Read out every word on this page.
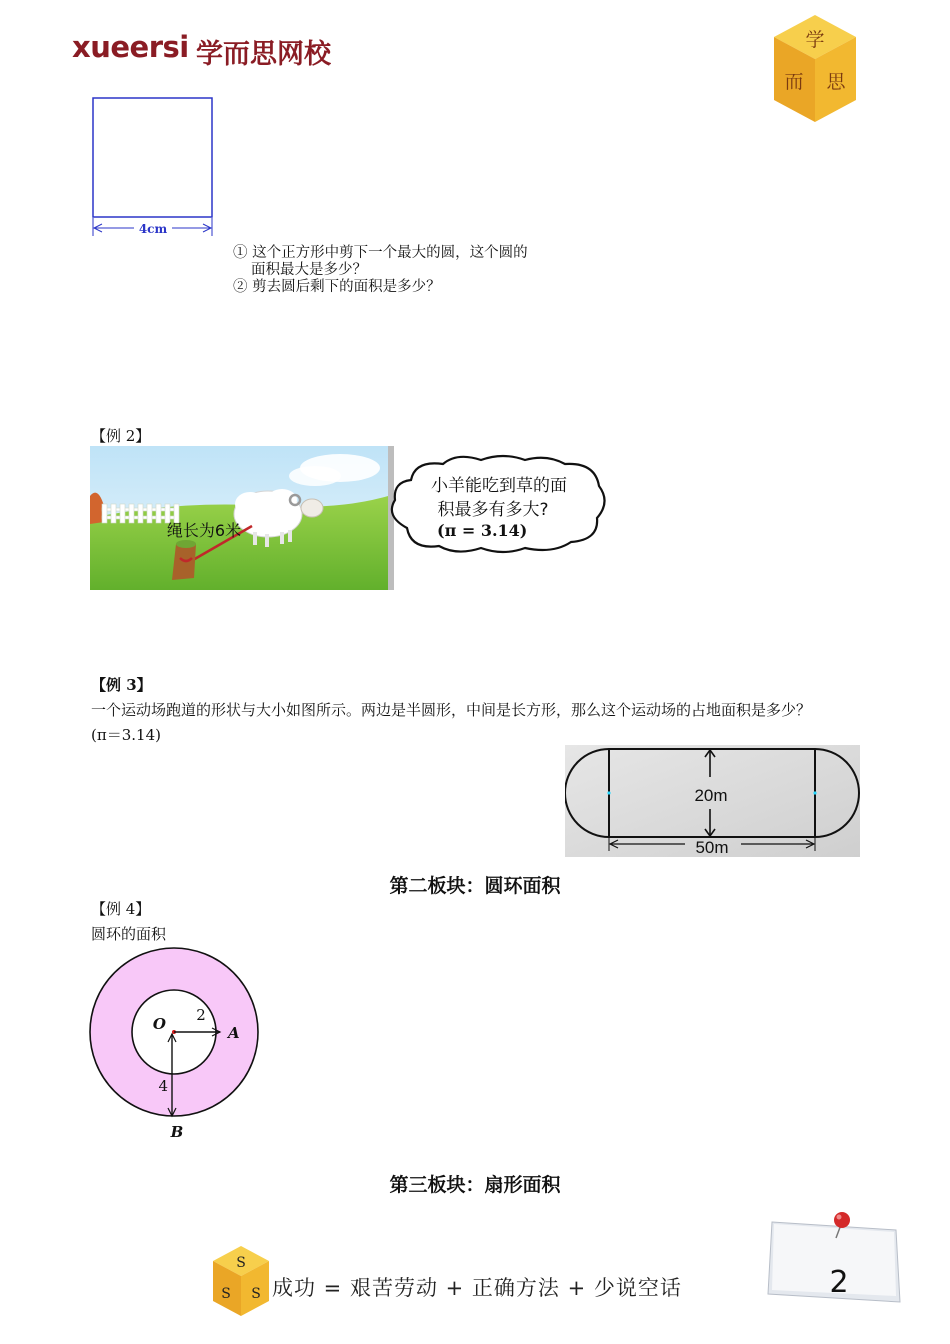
xueersi 学而思网校	学
而 思
4cm
① 这个正方形中剪下一个最大的圆，这个圆的
面积最大是多少？
② 剪去圆后剩下的面积是多少？
【例 2】
绳长为6米
小羊能吃到草的面
积最多有多大?
(π = 3.14)
【例 3】
一个运动场跑道的形状与大小如图所示。两边是半圆形，中间是长方形，那么这个运动场的占地面积是多少？
(π＝3.14)
20m
50m
第二板块：圆环面积
【例 4】
圆环的面积
O	A
B
2
4
第三板块：扇形面积
S
S S 成功 = 艰苦劳动 + 正确方法 + 少说空话	2
